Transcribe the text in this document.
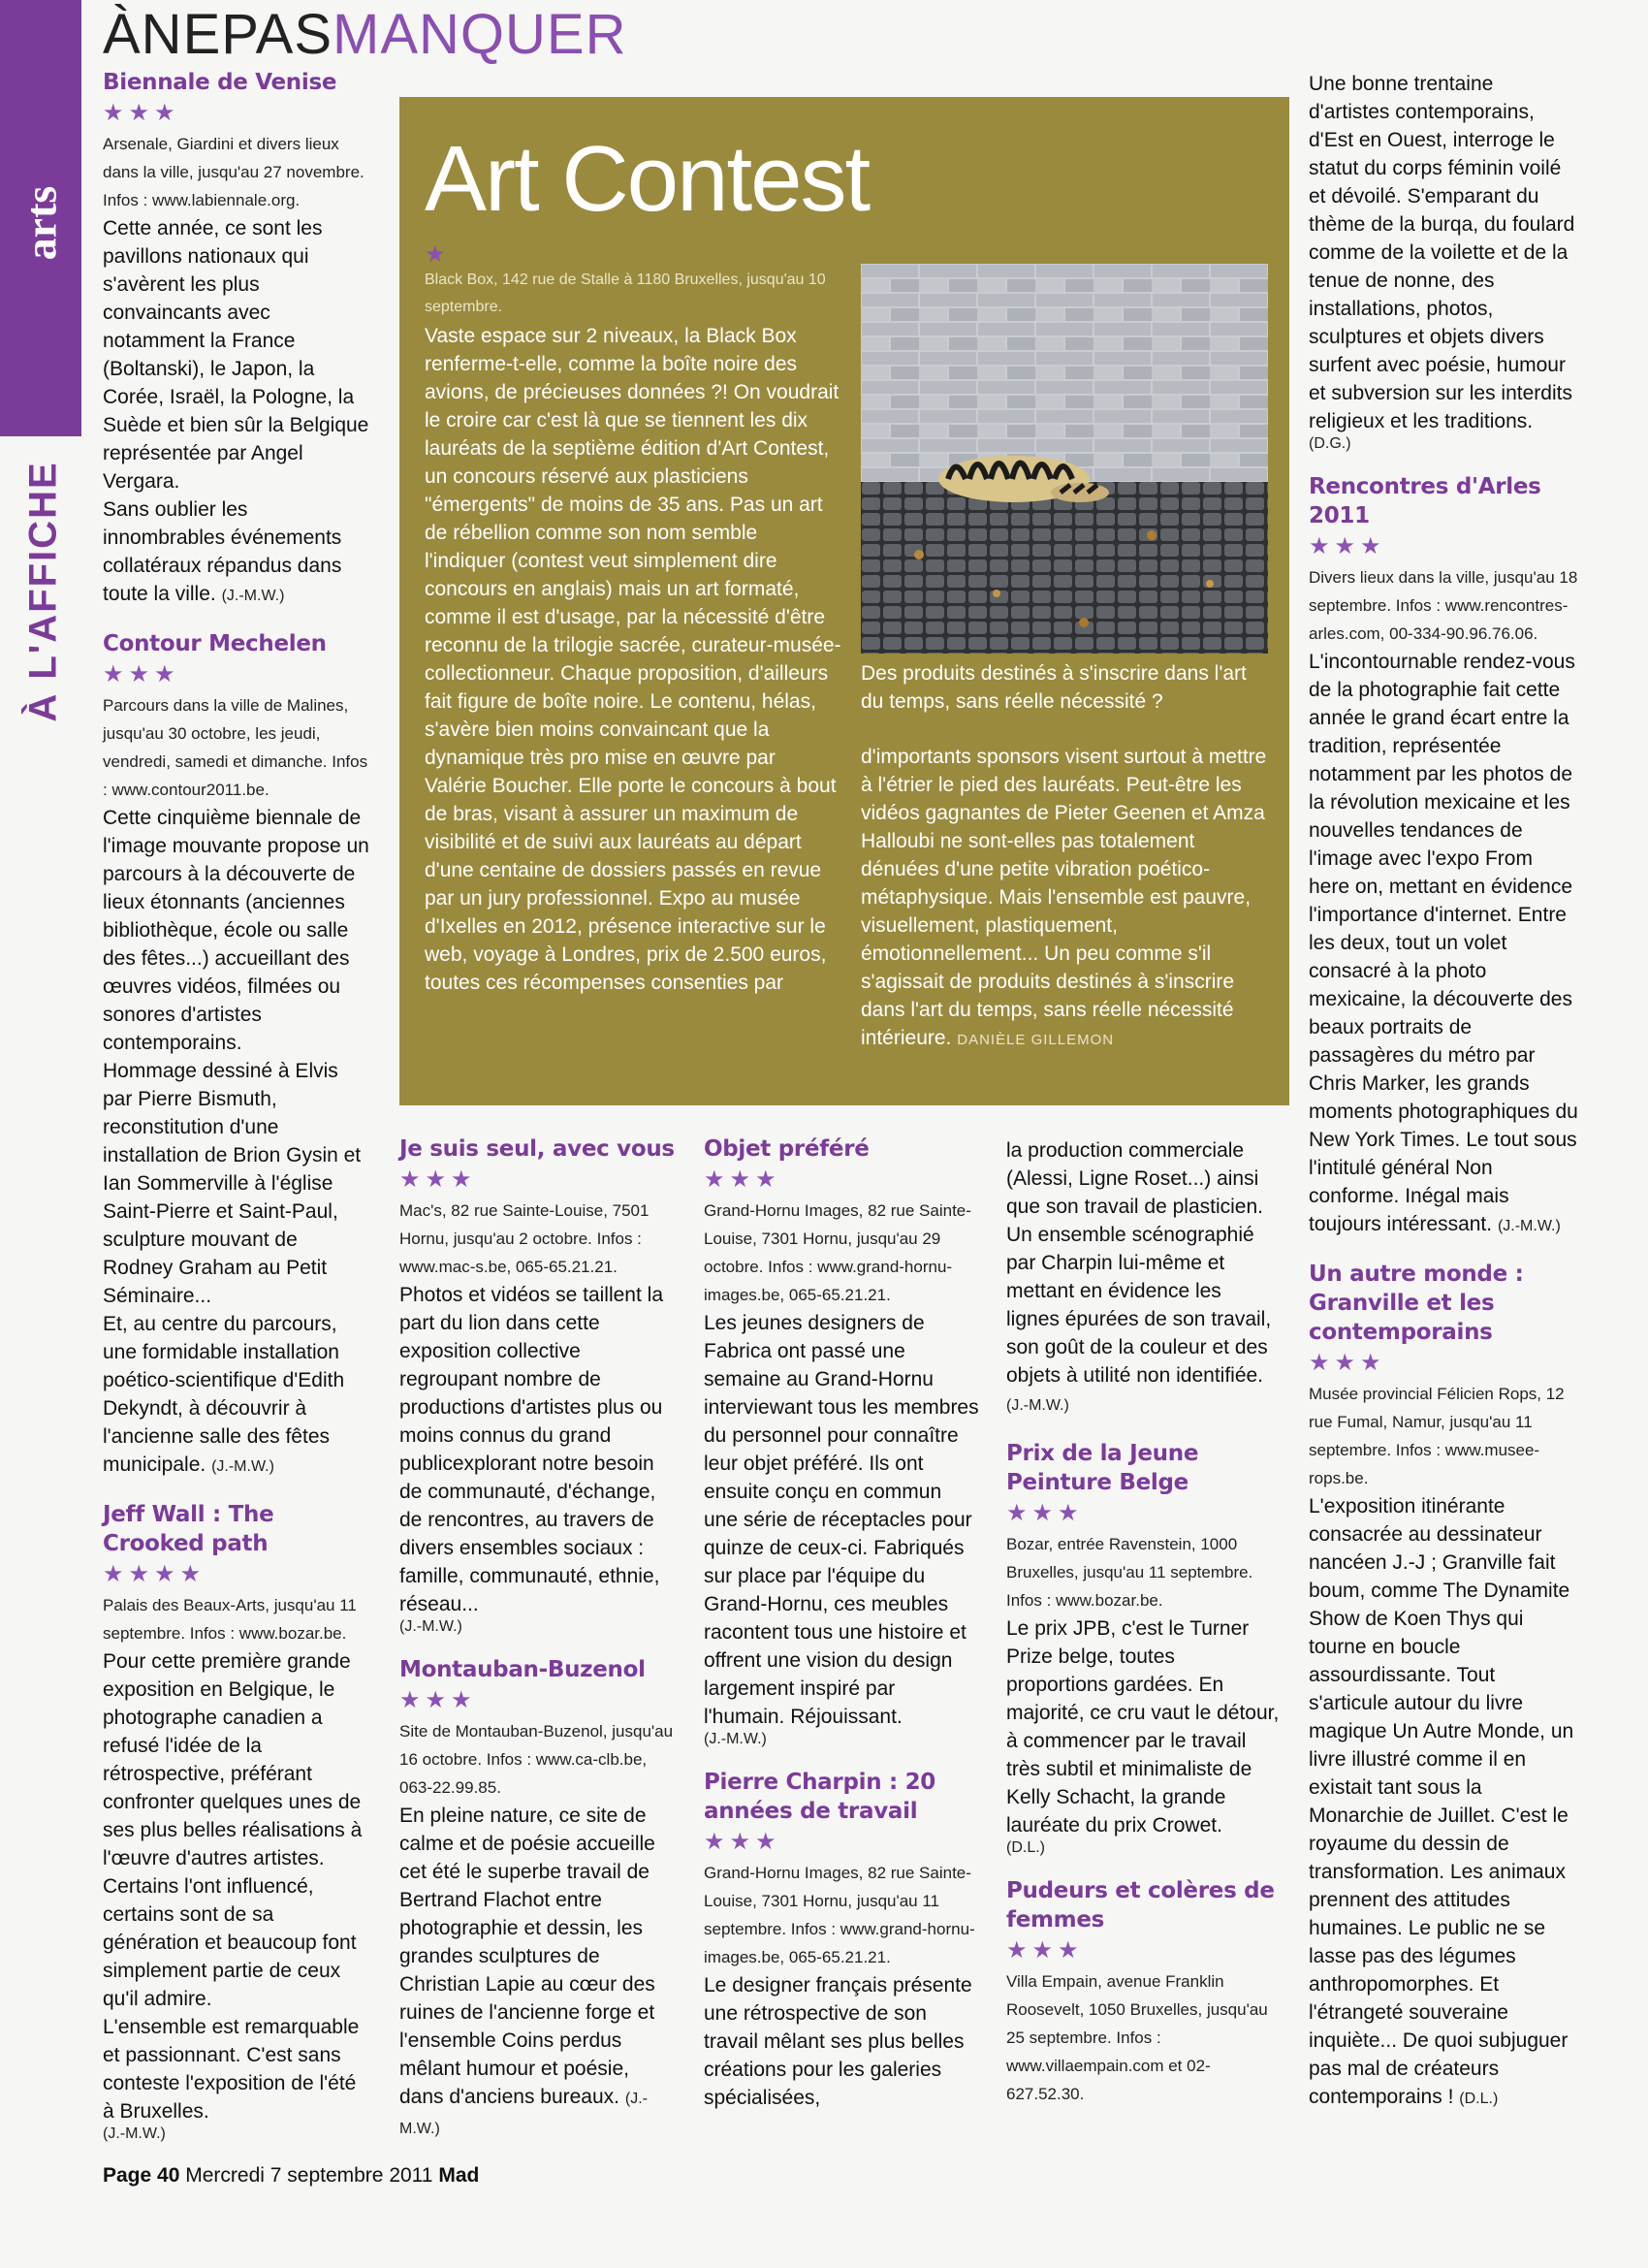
arts
À L'AFFICHE
ÀNEPASMANQUER
Biennale de Venise
★★★
Arsenale, Giardini et divers lieux dans la ville, jusqu'au 27 novembre. Infos : www.labiennale.org.

Cette année, ce sont les pavillons nationaux qui s'avèrent les plus convaincants avec notamment la France (Boltanski), le Japon, la Corée, Israël, la Pologne, la Suède et bien sûr la Belgique représentée par Angel Vergara.

Sans oublier les innombrables événements collatéraux répandus dans toute la ville. (J.-M.W.)

Contour Mechelen
★★★
Parcours dans la ville de Malines, jusqu'au 30 octobre, les jeudi, vendredi, samedi et dimanche. Infos : www.contour2011.be.

Cette cinquième biennale de l'image mouvante propose un parcours à la découverte de lieux étonnants (anciennes bibliothèque, école ou salle des fêtes...) accueillant des œuvres vidéos, filmées ou sonores d'artistes contemporains.

Hommage dessiné à Elvis par Pierre Bismuth, reconstitution d'une installation de Brion Gysin et Ian Sommerville à l'église Saint-Pierre et Saint-Paul, sculpture mouvant de Rodney Graham au Petit Séminaire...

Et, au centre du parcours, une formidable installation poético-scientifique d'Edith Dekyndt, à découvrir à l'ancienne salle des fêtes municipale. (J.-M.W.)

Jeff Wall : The Crooked path
★★★★
Palais des Beaux-Arts, jusqu'au 11 septembre. Infos : www.bozar.be.

Pour cette première grande exposition en Belgique, le photographe canadien a refusé l'idée de la rétrospective, préférant confronter quelques unes de ses plus belles réalisations à l'œuvre d'autres artistes. Certains l'ont influencé, certains sont de sa génération et beaucoup font simplement partie de ceux qu'il admire.

L'ensemble est remarquable et passionnant. C'est sans conteste l'exposition de l'été à Bruxelles.

(J.-M.W.)
Art Contest
★
Black Box, 142 rue de Stalle à 1180 Bruxelles, jusqu'au 10 septembre.
Vaste espace sur 2 niveaux, la Black Box renferme-t-elle, comme la boîte noire des avions, de précieuses données ?! On voudrait le croire car c'est là que se tiennent les dix lauréats de la septième édition d'Art Contest, un concours réservé aux plasticiens "émergents" de moins de 35 ans. Pas un art de rébellion comme son nom semble l'indiquer (contest veut simplement dire concours en anglais) mais un art formaté, comme il est d'usage, par la nécessité d'être reconnu de la trilogie sacrée, curateur-musée-collectionneur. Chaque proposition, d'ailleurs fait figure de boîte noire. Le contenu, hélas, s'avère bien moins convaincant que la dynamique très pro mise en œuvre par Valérie Boucher. Elle porte le concours à bout de bras, visant à assurer un maximum de visibilité et de suivi aux lauréats au départ d'une centaine de dossiers passés en revue par un jury professionnel. Expo au musée d'Ixelles en 2012, présence interactive sur le web, voyage à Londres, prix de 2.500 euros, toutes ces récompenses consenties par
Des produits destinés à s'inscrire dans l'art du temps, sans réelle nécessité ?
d'importants sponsors visent surtout à mettre à l'étrier le pied des lauréats. Peut-être les vidéos gagnantes de Pieter Geenen et Amza Halloubi ne sont-elles pas totalement dénuées d'une petite vibration poético-métaphysique. Mais l'ensemble est pauvre, visuellement, plastiquement, émotionnellement... Un peu comme s'il s'agissait de produits destinés à s'inscrire dans l'art du temps, sans réelle nécessité intérieure. DANIÈLE GILLEMON
Je suis seul, avec vous
★★★
Mac's, 82 rue Sainte-Louise, 7501 Hornu, jusqu'au 2 octobre. Infos : www.mac-s.be, 065-65.21.21.

Photos et vidéos se taillent la part du lion dans cette exposition collective regroupant nombre de productions d'artistes plus ou moins connus du grand publicexplorant notre besoin de communauté, d'échange, de rencontres, au travers de divers ensembles sociaux : famille, communauté, ethnie, réseau...

(J.-M.W.)
Montauban-Buzenol
★★★
Site de Montauban-Buzenol, jusqu'au 16 octobre. Infos : www.ca-clb.be, 063-22.99.85.

En pleine nature, ce site de calme et de poésie accueille cet été le superbe travail de Bertrand Flachot entre photographie et dessin, les grandes sculptures de Christian Lapie au cœur des ruines de l'ancienne forge et l'ensemble Coins perdus mêlant humour et poésie, dans d'anciens bureaux. (J.-M.W.)

Objet préféré
★★★
Grand-Hornu Images, 82 rue Sainte-Louise, 7301 Hornu, jusqu'au 29 octobre. Infos : www.grand-hornu-images.be, 065-65.21.21.

Les jeunes designers de Fabrica ont passé une semaine au Grand-Hornu interviewant tous les membres du personnel pour connaître leur objet préféré. Ils ont ensuite conçu en commun une série de réceptacles pour quinze de ceux-ci. Fabriqués sur place par l'équipe du Grand-Hornu, ces meubles racontent tous une histoire et offrent une vision du design largement inspiré par l'humain. Réjouissant.

(J.-M.W.)
Pierre Charpin : 20 années de travail
★★★
Grand-Hornu Images, 82 rue Sainte-Louise, 7301 Hornu, jusqu'au 11 septembre. Infos : www.grand-hornu-images.be, 065-65.21.21.

Le designer français présente une rétrospective de son travail mêlant ses plus belles créations pour les galeries spécialisées,

la production commerciale (Alessi, Ligne Roset...) ainsi que son travail de plasticien. Un ensemble scénographié par Charpin lui-même et mettant en évidence les lignes épurées de son travail, son goût de la couleur et des objets à utilité non identifiée. (J.-M.W.)

Prix de la Jeune Peinture Belge
★★★
Bozar, entrée Ravenstein, 1000 Bruxelles, jusqu'au 11 septembre. Infos : www.bozar.be.

Le prix JPB, c'est le Turner Prize belge, toutes proportions gardées. En majorité, ce cru vaut le détour, à commencer par le travail très subtil et minimaliste de Kelly Schacht, la grande lauréate du prix Crowet.

(D.L.)
Pudeurs et colères de femmes
★★★
Villa Empain, avenue Franklin Roosevelt, 1050 Bruxelles, jusqu'au 25 septembre. Infos : www.villaempain.com et 02-627.52.30.

Une bonne trentaine d'artistes contemporains, d'Est en Ouest, interroge le statut du corps féminin voilé et dévoilé. S'emparant du thème de la burqa, du foulard comme de la voilette et de la tenue de nonne, des installations, photos, sculptures et objets divers surfent avec poésie, humour et subversion sur les interdits religieux et les traditions.

(D.G.)
Rencontres d'Arles 2011
★★★
Divers lieux dans la ville, jusqu'au 18 septembre. Infos : www.rencontres-arles.com, 00-334-90.96.76.06.

L'incontournable rendez-vous de la photographie fait cette année le grand écart entre la tradition, représentée notamment par les photos de la révolution mexicaine et les nouvelles tendances de l'image avec l'expo From here on, mettant en évidence l'importance d'internet. Entre les deux, tout un volet consacré à la photo mexicaine, la découverte des beaux portraits de passagères du métro par Chris Marker, les grands moments photographiques du New York Times. Le tout sous l'intitulé général Non conforme. Inégal mais toujours intéressant. (J.-M.W.)

Un autre monde : Granville et les contemporains
★★★
Musée provincial Félicien Rops, 12 rue Fumal, Namur, jusqu'au 11 septembre. Infos : www.musee-rops.be.

L'exposition itinérante consacrée au dessinateur nancéen J.-J ; Granville fait boum, comme The Dynamite Show de Koen Thys qui tourne en boucle assourdissante. Tout s'articule autour du livre magique Un Autre Monde, un livre illustré comme il en existait tant sous la Monarchie de Juillet. C'est le royaume du dessin de transformation. Les animaux prennent des attitudes humaines. Le public ne se lasse pas des légumes anthropomorphes. Et l'étrangeté souveraine inquiète... De quoi subjuguer pas mal de créateurs contemporains ! (D.L.)

Page 40 Mercredi 7 septembre 2011 Mad
